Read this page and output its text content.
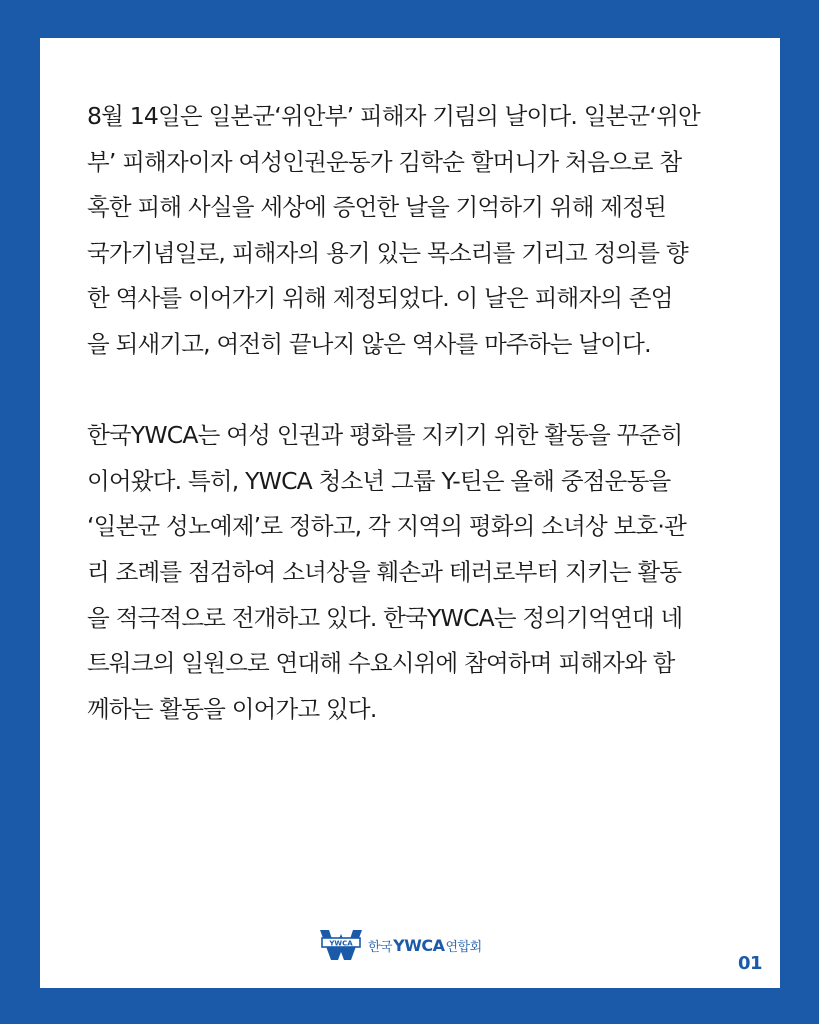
8월 14일은 일본군‘위안부’ 피해자 기림의 날이다. 일본군‘위안
부’ 피해자이자 여성인권운동가 김학순 할머니가 처음으로 참
혹한 피해 사실을 세상에 증언한 날을 기억하기 위해 제정된
국가기념일로, 피해자의 용기 있는 목소리를 기리고 정의를 향
한 역사를 이어가기 위해 제정되었다. 이 날은 피해자의 존엄
을 되새기고, 여전히 끝나지 않은 역사를 마주하는 날이다.

한국YWCA는 여성 인권과 평화를 지키기 위한 활동을 꾸준히
이어왔다. 특히, YWCA 청소년 그룹 Y-틴은 올해 중점운동을
‘일본군 성노예제’로 정하고, 각 지역의 평화의 소녀상 보호·관
리 조례를 점검하여 소녀상을 훼손과 테러로부터 지키는 활동
을 적극적으로 전개하고 있다. 한국YWCA는 정의기억연대 네
트워크의 일원으로 연대해 수요시위에 참여하며 피해자와 함
께하는 활동을 이어가고 있다.

YWCA 한국 YWCA 연합회
01
